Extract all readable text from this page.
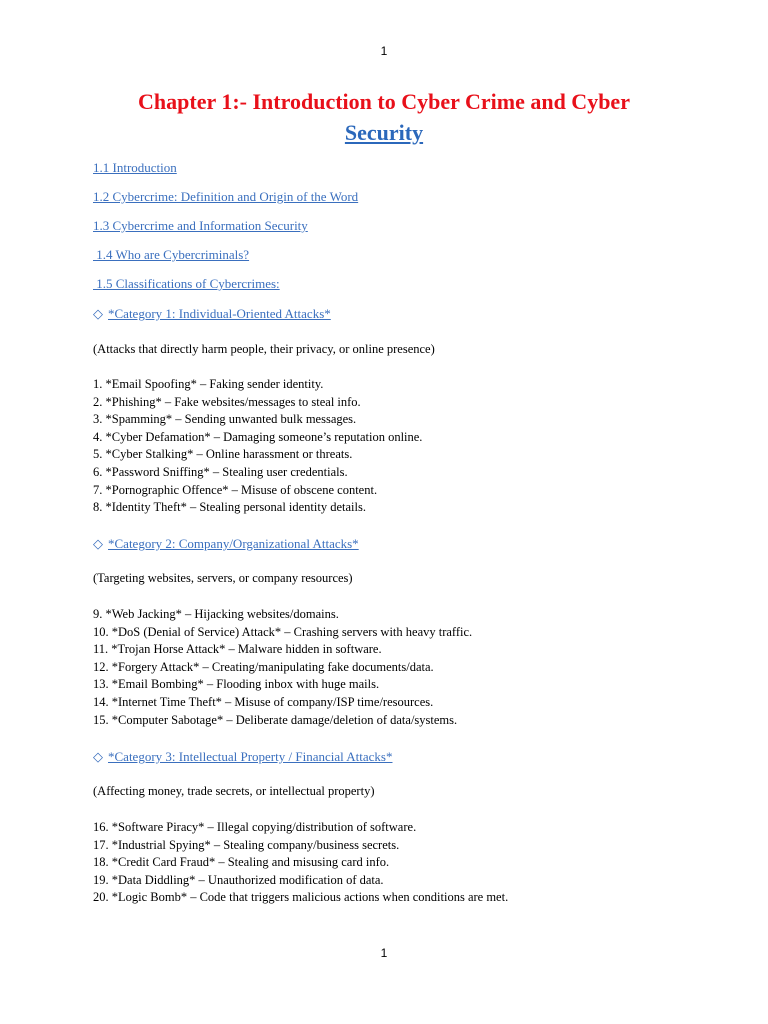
1
Chapter 1:- Introduction to Cyber Crime and Cyber
Security
1.1 Introduction
1.2 Cybercrime: Definition and Origin of the Word
1.3 Cybercrime and Information Security
1.4 Who are Cybercriminals?
1.5 Classifications of Cybercrimes:
◇ *Category 1: Individual-Oriented Attacks*
(Attacks that directly harm people, their privacy, or online presence)
1. *Email Spoofing* – Faking sender identity.
2. *Phishing* – Fake websites/messages to steal info.
3. *Spamming* – Sending unwanted bulk messages.
4. *Cyber Defamation* – Damaging someone’s reputation online.
5. *Cyber Stalking* – Online harassment or threats.
6. *Password Sniffing* – Stealing user credentials.
7. *Pornographic Offence* – Misuse of obscene content.
8. *Identity Theft* – Stealing personal identity details.
◇ *Category 2: Company/Organizational Attacks*
(Targeting websites, servers, or company resources)
9. *Web Jacking* – Hijacking websites/domains.
10. *DoS (Denial of Service) Attack* – Crashing servers with heavy traffic.
11. *Trojan Horse Attack* – Malware hidden in software.
12. *Forgery Attack* – Creating/manipulating fake documents/data.
13. *Email Bombing* – Flooding inbox with huge mails.
14. *Internet Time Theft* – Misuse of company/ISP time/resources.
15. *Computer Sabotage* – Deliberate damage/deletion of data/systems.
◇ *Category 3: Intellectual Property / Financial Attacks*
(Affecting money, trade secrets, or intellectual property)
16. *Software Piracy* – Illegal copying/distribution of software.
17. *Industrial Spying* – Stealing company/business secrets.
18. *Credit Card Fraud* – Stealing and misusing card info.
19. *Data Diddling* – Unauthorized modification of data.
20. *Logic Bomb* – Code that triggers malicious actions when conditions are met.
1
